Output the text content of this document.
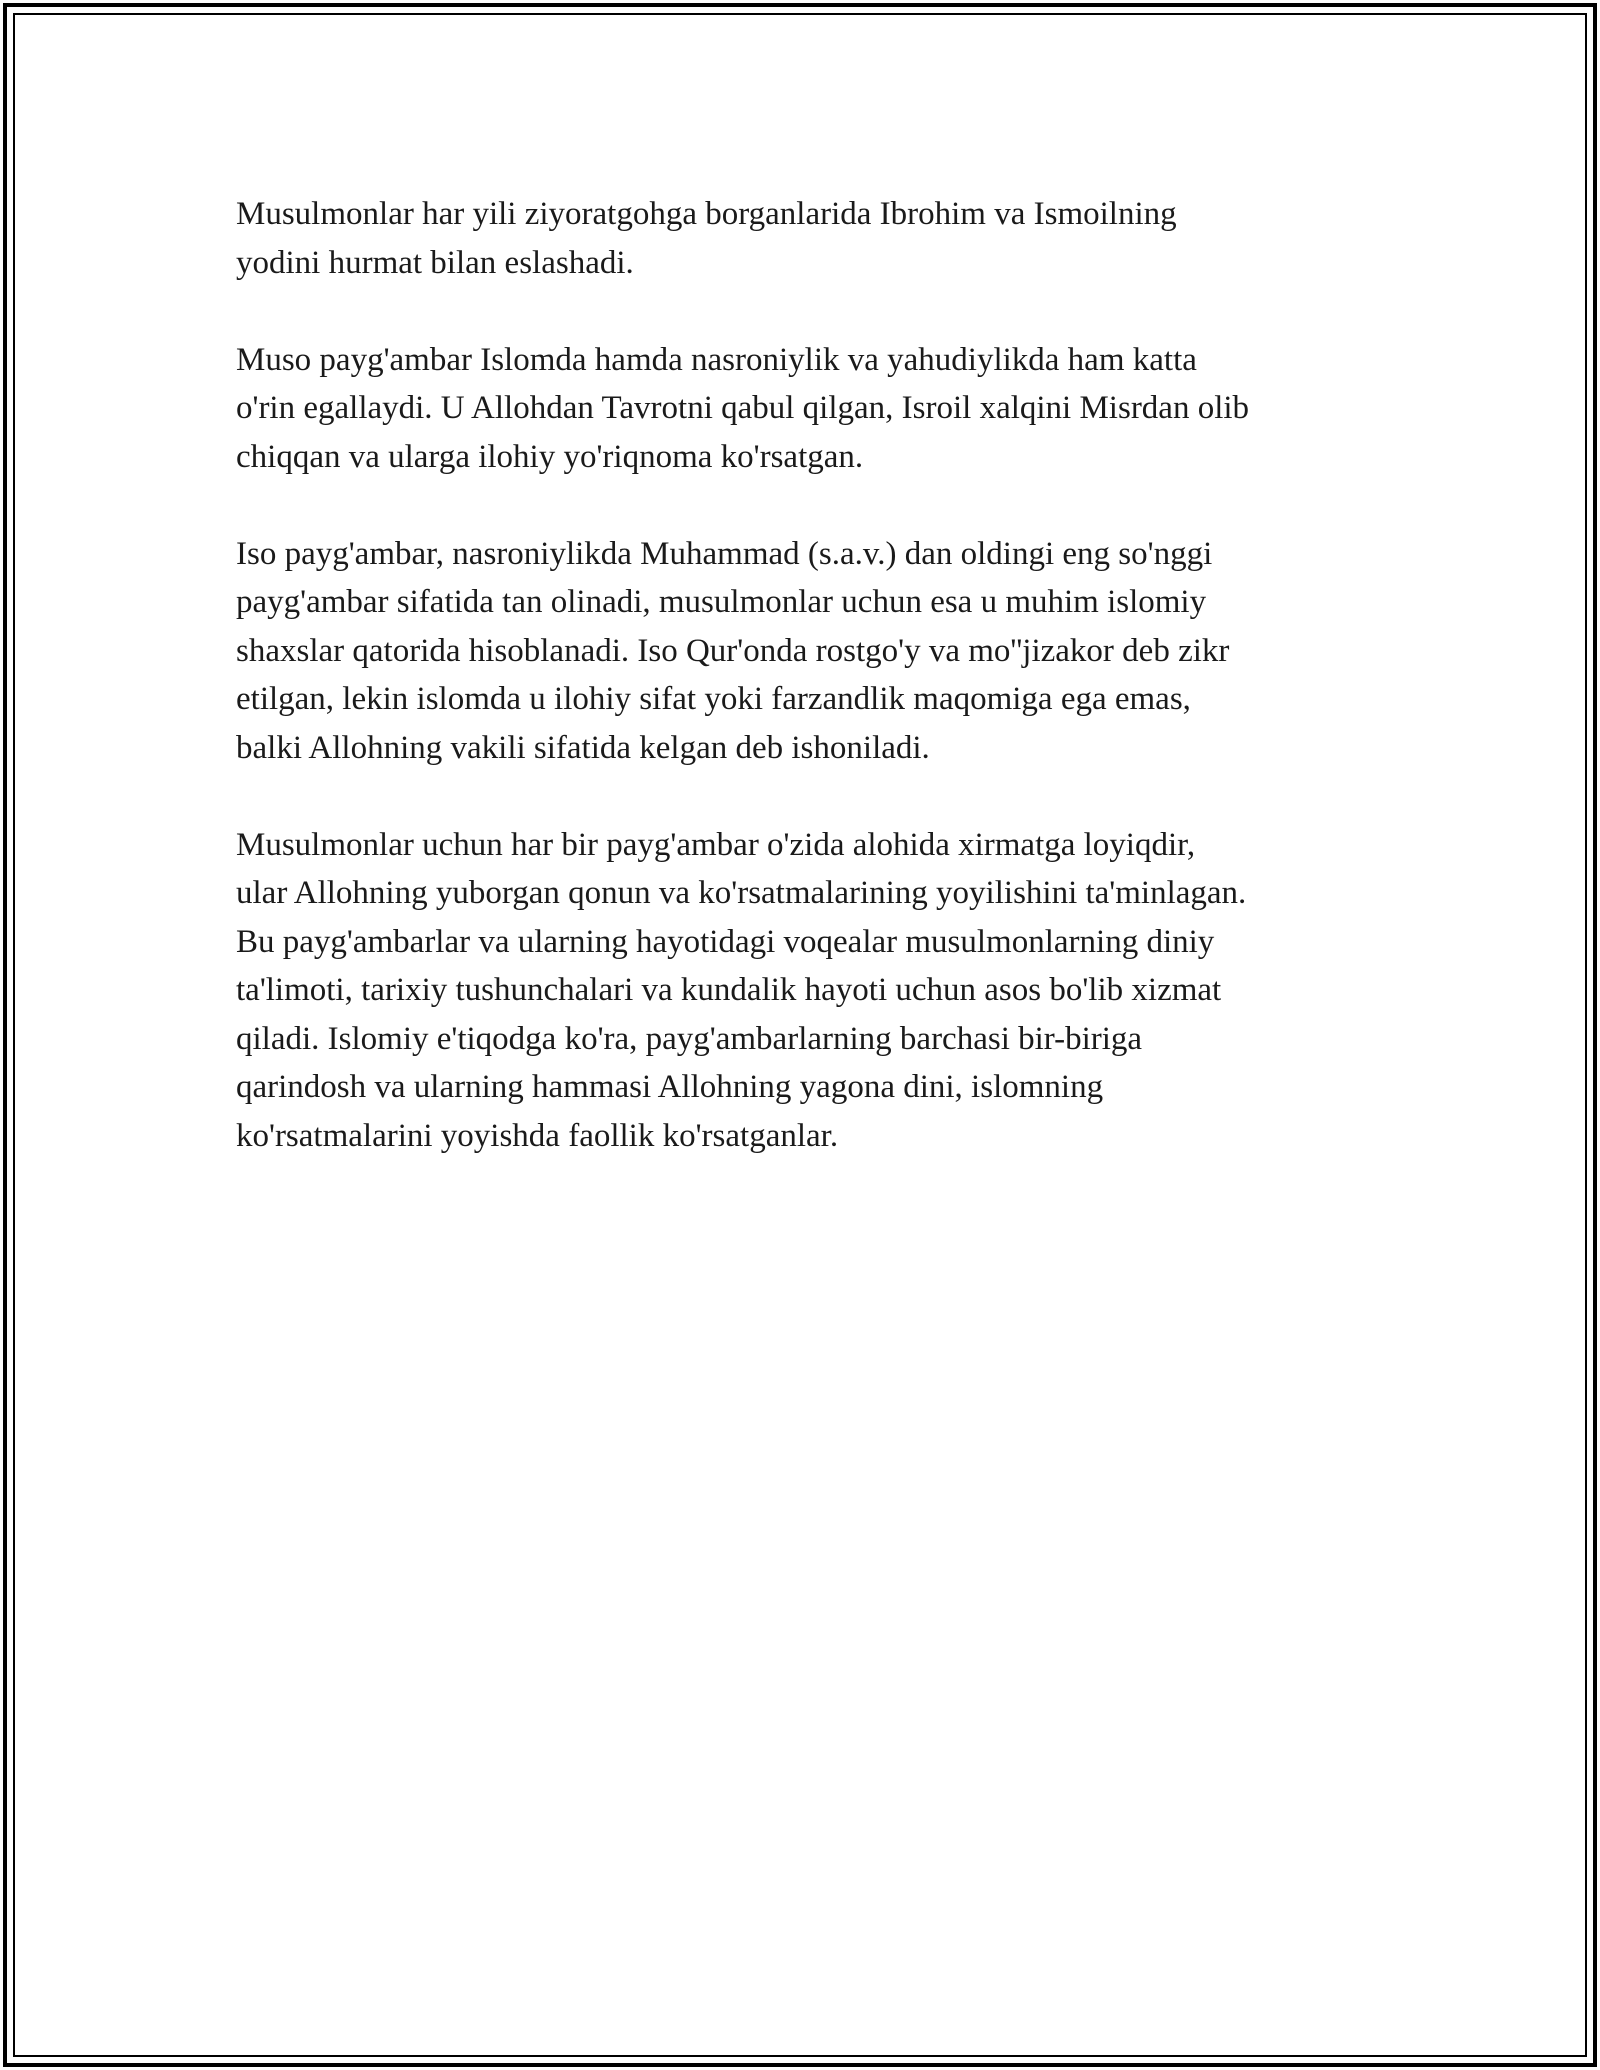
Musulmonlar har yili ziyoratgohga borganlarida Ibrohim va Ismoilning
yodini hurmat bilan eslashadi.

Muso payg'ambar Islomda hamda nasroniylik va yahudiylikda ham katta
o'rin egallaydi. U Allohdan Tavrotni qabul qilgan, Isroil xalqini Misrdan olib
chiqqan va ularga ilohiy yo'riqnoma ko'rsatgan.

Iso payg'ambar, nasroniylikda Muhammad (s.a.v.) dan oldingi eng so'nggi
payg'ambar sifatida tan olinadi, musulmonlar uchun esa u muhim islomiy
shaxslar qatorida hisoblanadi. Iso Qur'onda rostgo'y va mo''jizakor deb zikr
etilgan, lekin islomda u ilohiy sifat yoki farzandlik maqomiga ega emas,
balki Allohning vakili sifatida kelgan deb ishoniladi.

Musulmonlar uchun har bir payg'ambar o'zida alohida xirmatga loyiqdir,
ular Allohning yuborgan qonun va ko'rsatmalarining yoyilishini ta'minlagan.
Bu payg'ambarlar va ularning hayotidagi voqealar musulmonlarning diniy
ta'limoti, tarixiy tushunchalari va kundalik hayoti uchun asos bo'lib xizmat
qiladi. Islomiy e'tiqodga ko'ra, payg'ambarlarning barchasi bir-biriga
qarindosh va ularning hammasi Allohning yagona dini, islomning
ko'rsatmalarini yoyishda faollik ko'rsatganlar.
